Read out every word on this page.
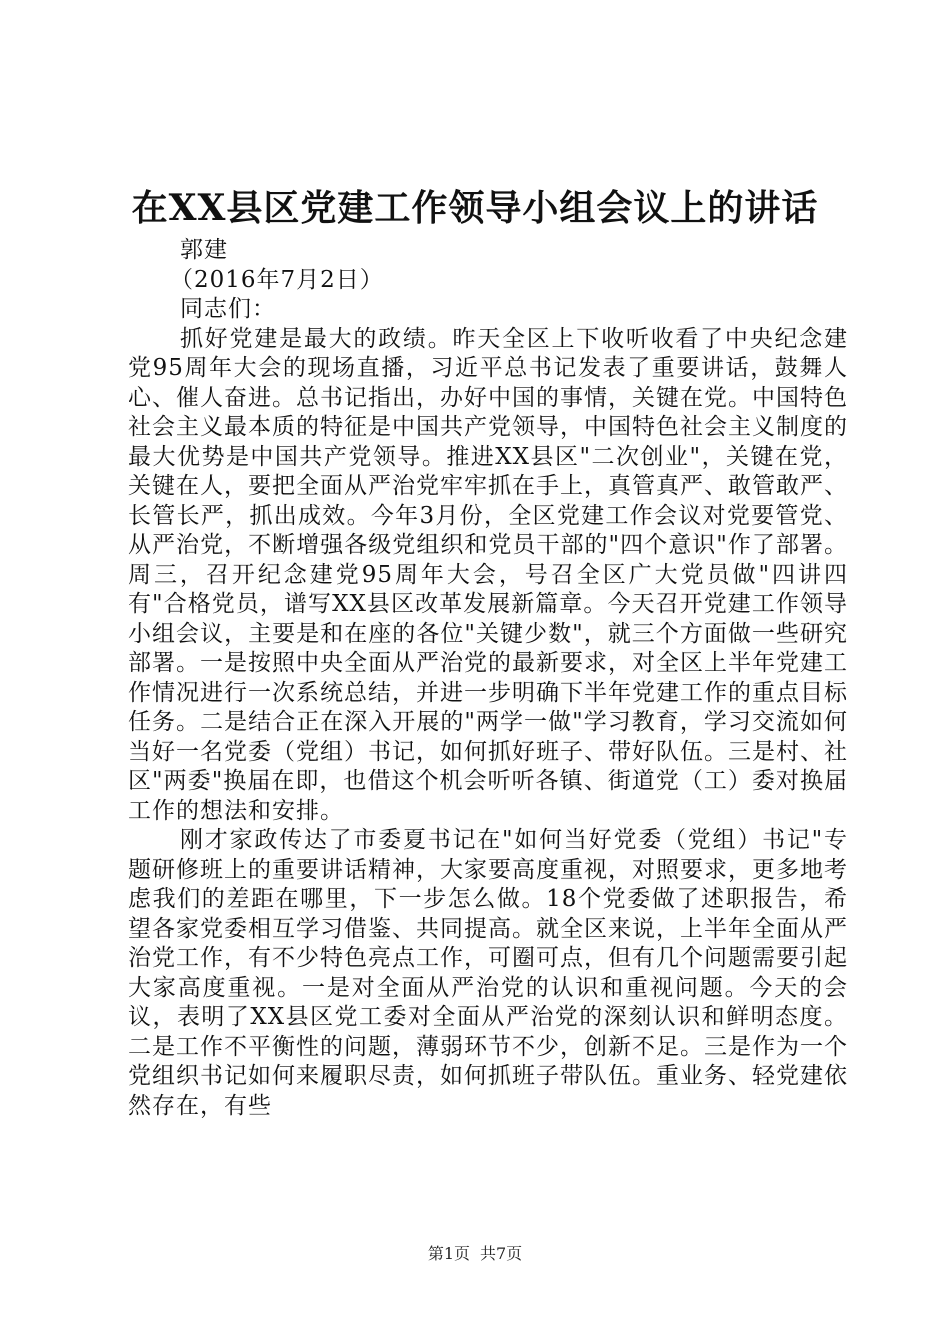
在XX县区党建工作领导小组会议上的讲话

郭建

（2016年7月2日）

同志们：

抓好党建是最大的政绩。昨天全区上下收听收看了中央纪念建党95周年大会的现场直播，习近平总书记发表了重要讲话，鼓舞人心、催人奋进。总书记指出，办好中国的事情，关键在党。中国特色社会主义最本质的特征是中国共产党领导，中国特色社会主义制度的最大优势是中国共产党领导。推进XX县区"二次创业"，关键在党，关键在人，要把全面从严治党牢牢抓在手上，真管真严、敢管敢严、长管长严，抓出成效。今年3月份，全区党建工作会议对党要管党、从严治党，不断增强各级党组织和党员干部的"四个意识"作了部署。周三，召开纪念建党95周年大会，号召全区广大党员做"四讲四有"合格党员，谱写XX县区改革发展新篇章。今天召开党建工作领导小组会议，主要是和在座的各位"关键少数"，就三个方面做一些研究部署。一是按照中央全面从严治党的最新要求，对全区上半年党建工作情况进行一次系统总结，并进一步明确下半年党建工作的重点目标任务。二是结合正在深入开展的"两学一做"学习教育，学习交流如何当好一名党委（党组）书记，如何抓好班子、带好队伍。三是村、社区"两委"换届在即，也借这个机会听听各镇、街道党（工）委对换届工作的想法和安排。

刚才家政传达了市委夏书记在"如何当好党委（党组）书记"专题研修班上的重要讲话精神，大家要高度重视，对照要求，更多地考虑我们的差距在哪里，下一步怎么做。18个党委做了述职报告，希望各家党委相互学习借鉴、共同提高。就全区来说，上半年全面从严治党工作，有不少特色亮点工作，可圈可点，但有几个问题需要引起大家高度重视。一是对全面从严治党的认识和重视问题。今天的会议，表明了XX县区党工委对全面从严治党的深刻认识和鲜明态度。二是工作不平衡性的问题，薄弱环节不少，创新不足。三是作为一个党组织书记如何来履职尽责，如何抓班子带队伍。重业务、轻党建依然存在，有些

第1页 共7页
